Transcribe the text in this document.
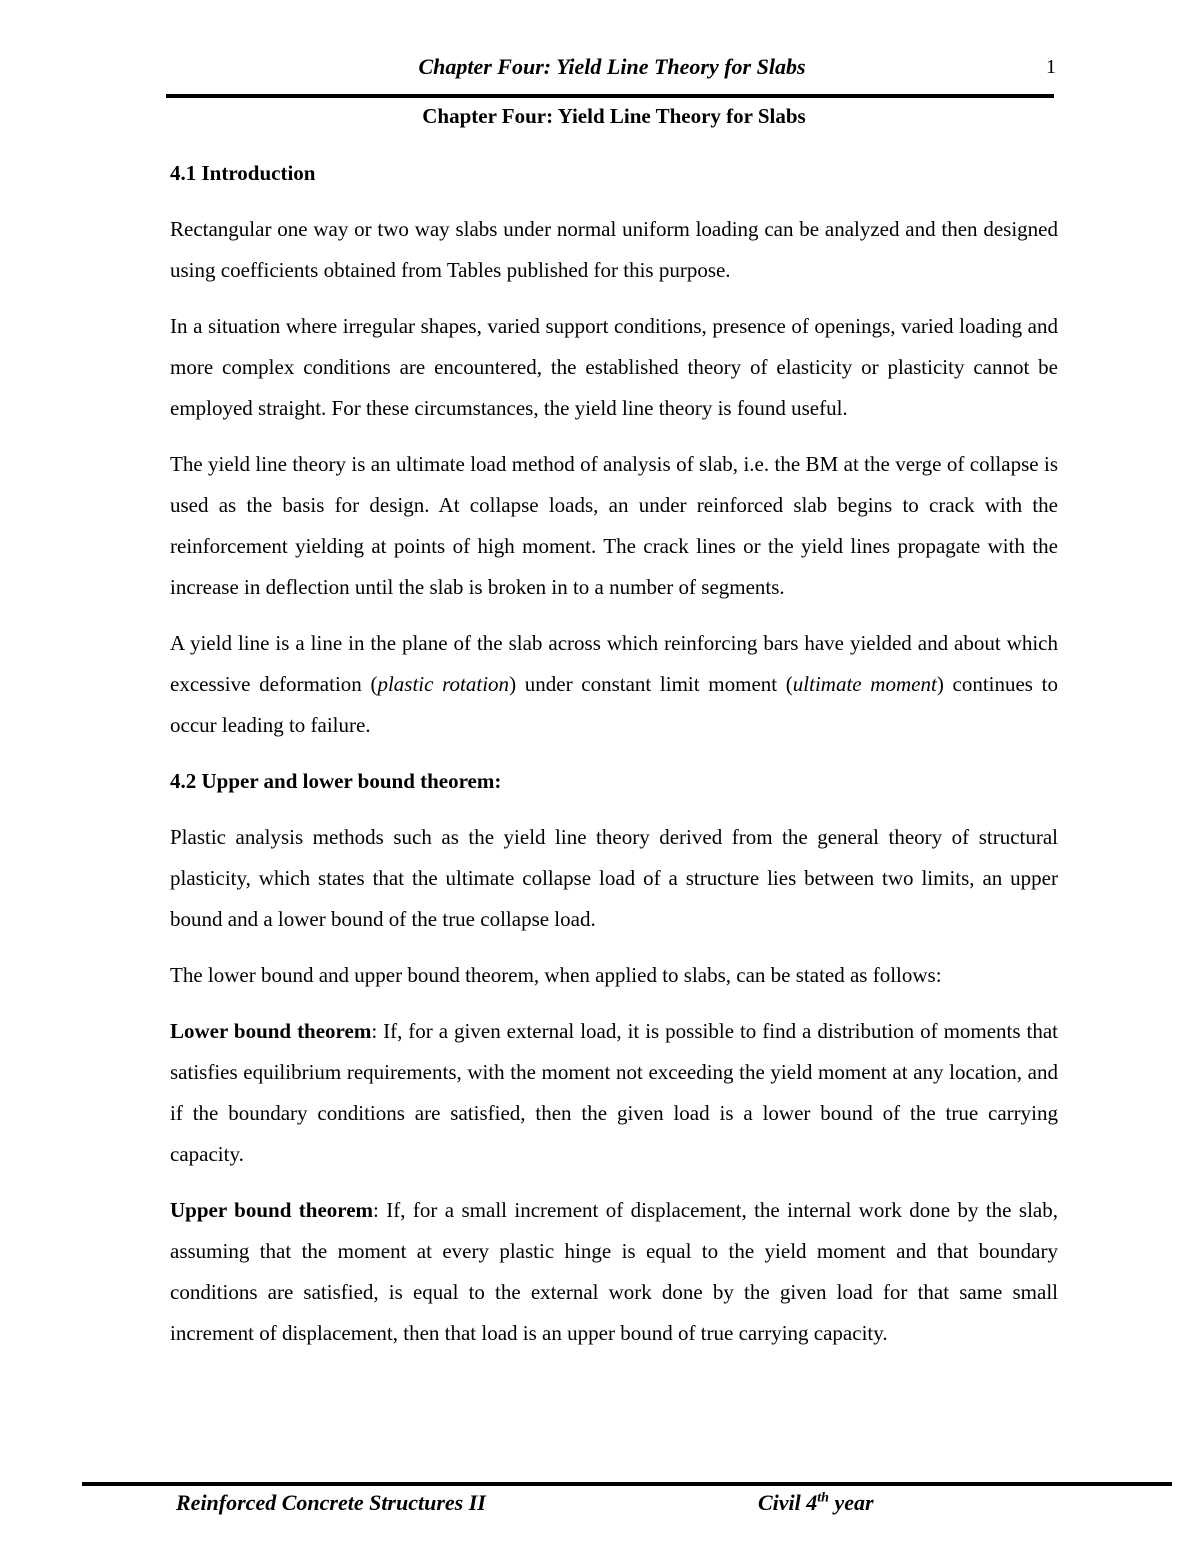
Chapter Four: Yield Line Theory for Slabs	1
Chapter Four: Yield Line Theory for Slabs
4.1 Introduction
Rectangular one way or two way slabs under normal uniform loading can be analyzed and then designed using coefficients obtained from Tables published for this purpose.
In a situation where irregular shapes, varied support conditions, presence of openings, varied loading and more complex conditions are encountered, the established theory of elasticity or plasticity cannot be employed straight. For these circumstances, the yield line theory is found useful.
The yield line theory is an ultimate load method of analysis of slab, i.e. the BM at the verge of collapse is used as the basis for design. At collapse loads, an under reinforced slab begins to crack with the reinforcement yielding at points of high moment. The crack lines or the yield lines propagate with the increase in deflection until the slab is broken in to a number of segments.
A yield line is a line in the plane of the slab across which reinforcing bars have yielded and about which excessive deformation (plastic rotation) under constant limit moment (ultimate moment) continues to occur leading to failure.
4.2 Upper and lower bound theorem:
Plastic analysis methods such as the yield line theory derived from the general theory of structural plasticity, which states that the ultimate collapse load of a structure lies between two limits, an upper bound and a lower bound of the true collapse load.
The lower bound and upper bound theorem, when applied to slabs, can be stated as follows:
Lower bound theorem: If, for a given external load, it is possible to find a distribution of moments that satisfies equilibrium requirements, with the moment not exceeding the yield moment at any location, and if the boundary conditions are satisfied, then the given load is a lower bound of the true carrying capacity.
Upper bound theorem: If, for a small increment of displacement, the internal work done by the slab, assuming that the moment at every plastic hinge is equal to the yield moment and that boundary conditions are satisfied, is equal to the external work done by the given load for that same small increment of displacement, then that load is an upper bound of true carrying capacity.
Reinforced Concrete Structures II	Civil 4th year
